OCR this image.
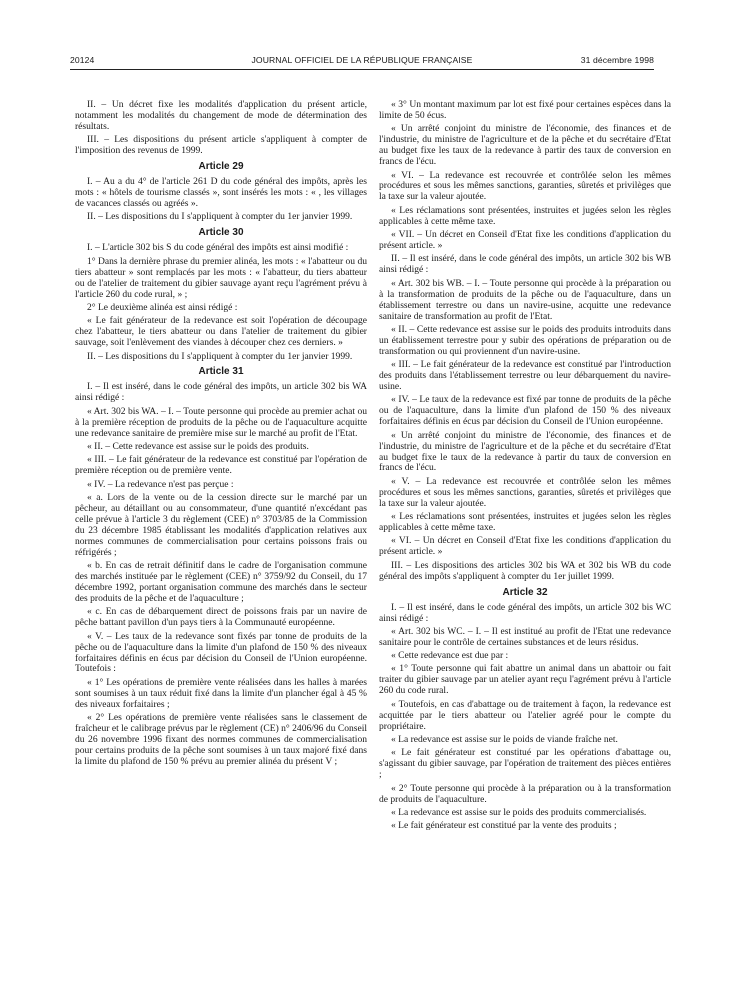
20124	JOURNAL OFFICIEL DE LA RÉPUBLIQUE FRANÇAISE	31 décembre 1998

II. – Un décret fixe les modalités d'application du présent article, notamment les modalités du changement de mode de détermination des résultats.

III. – Les dispositions du présent article s'appliquent à compter de l'imposition des revenus de 1999.

Article 29

I. – Au a du 4° de l'article 261 D du code général des impôts, après les mots : « hôtels de tourisme classés », sont insérés les mots : « , les villages de vacances classés ou agréés ».

II. – Les dispositions du I s'appliquent à compter du 1er janvier 1999.

Article 30

I. – L'article 302 bis S du code général des impôts est ainsi modifié :

1° Dans la dernière phrase du premier alinéa, les mots : « l'abatteur ou du tiers abatteur » sont remplacés par les mots : « l'abatteur, du tiers abatteur ou de l'atelier de traitement du gibier sauvage ayant reçu l'agrément prévu à l'article 260 du code rural, » ;

2° Le deuxième alinéa est ainsi rédigé :

« Le fait générateur de la redevance est soit l'opération de découpage chez l'abatteur, le tiers abatteur ou dans l'atelier de traitement du gibier sauvage, soit l'enlèvement des viandes à découper chez ces derniers. »

II. – Les dispositions du I s'appliquent à compter du 1er janvier 1999.

Article 31

I. – Il est inséré, dans le code général des impôts, un article 302 bis WA ainsi rédigé :

« Art. 302 bis WA. – I. – Toute personne qui procède au premier achat ou à la première réception de produits de la pêche ou de l'aquaculture acquitte une redevance sanitaire de première mise sur le marché au profit de l'Etat.

« II. – Cette redevance est assise sur le poids des produits.

« III. – Le fait générateur de la redevance est constitué par l'opération de première réception ou de première vente.

« IV. – La redevance n'est pas perçue :

« a. Lors de la vente ou de la cession directe sur le marché par un pêcheur, au détaillant ou au consommateur, d'une quantité n'excédant pas celle prévue à l'article 3 du règlement (CEE) n° 3703/85 de la Commission du 23 décembre 1985 établissant les modalités d'application relatives aux normes communes de commercialisation pour certains poissons frais ou réfrigérés ;

« b. En cas de retrait définitif dans le cadre de l'organisation commune des marchés instituée par le règlement (CEE) n° 3759/92 du Conseil, du 17 décembre 1992, portant organisation commune des marchés dans le secteur des produits de la pêche et de l'aquaculture ;

« c. En cas de débarquement direct de poissons frais par un navire de pêche battant pavillon d'un pays tiers à la Communauté européenne.

« V. – Les taux de la redevance sont fixés par tonne de produits de la pêche ou de l'aquaculture dans la limite d'un plafond de 150 % des niveaux forfaitaires définis en écus par décision du Conseil de l'Union européenne. Toutefois :

« 1° Les opérations de première vente réalisées dans les halles à marées sont soumises à un taux réduit fixé dans la limite d'un plancher égal à 45 % des niveaux forfaitaires ;

« 2° Les opérations de première vente réalisées sans le classement de fraîcheur et le calibrage prévus par le règlement (CE) n° 2406/96 du Conseil du 26 novembre 1996 fixant des normes communes de commercialisation pour certains produits de la pêche sont soumises à un taux majoré fixé dans la limite du plafond de 150 % prévu au premier alinéa du présent V ;

« 3° Un montant maximum par lot est fixé pour certaines espèces dans la limite de 50 écus.

« Un arrêté conjoint du ministre de l'économie, des finances et de l'industrie, du ministre de l'agriculture et de la pêche et du secrétaire d'Etat au budget fixe les taux de la redevance à partir des taux de conversion en francs de l'écu.

« VI. – La redevance est recouvrée et contrôlée selon les mêmes procédures et sous les mêmes sanctions, garanties, sûretés et privilèges que la taxe sur la valeur ajoutée.

« Les réclamations sont présentées, instruites et jugées selon les règles applicables à cette même taxe.

« VII. – Un décret en Conseil d'Etat fixe les conditions d'application du présent article. »

II. – Il est inséré, dans le code général des impôts, un article 302 bis WB ainsi rédigé :

« Art. 302 bis WB. – I. – Toute personne qui procède à la préparation ou à la transformation de produits de la pêche ou de l'aquaculture, dans un établissement terrestre ou dans un navire-usine, acquitte une redevance sanitaire de transformation au profit de l'Etat.

« II. – Cette redevance est assise sur le poids des produits introduits dans un établissement terrestre pour y subir des opérations de préparation ou de transformation ou qui proviennent d'un navire-usine.

« III. – Le fait générateur de la redevance est constitué par l'introduction des produits dans l'établissement terrestre ou leur débarquement du navire-usine.

« IV. – Le taux de la redevance est fixé par tonne de produits de la pêche ou de l'aquaculture, dans la limite d'un plafond de 150 % des niveaux forfaitaires définis en écus par décision du Conseil de l'Union européenne.

« Un arrêté conjoint du ministre de l'économie, des finances et de l'industrie, du ministre de l'agriculture et de la pêche et du secrétaire d'Etat au budget fixe le taux de la redevance à partir du taux de conversion en francs de l'écu.

« V. – La redevance est recouvrée et contrôlée selon les mêmes procédures et sous les mêmes sanctions, garanties, sûretés et privilèges que la taxe sur la valeur ajoutée.

« Les réclamations sont présentées, instruites et jugées selon les règles applicables à cette même taxe.

« VI. – Un décret en Conseil d'Etat fixe les conditions d'application du présent article. »

III. – Les dispositions des articles 302 bis WA et 302 bis WB du code général des impôts s'appliquent à compter du 1er juillet 1999.

Article 32

I. – Il est inséré, dans le code général des impôts, un article 302 bis WC ainsi rédigé :

« Art. 302 bis WC. – I. – Il est institué au profit de l'Etat une redevance sanitaire pour le contrôle de certaines substances et de leurs résidus.

« Cette redevance est due par :

« 1° Toute personne qui fait abattre un animal dans un abattoir ou fait traiter du gibier sauvage par un atelier ayant reçu l'agrément prévu à l'article 260 du code rural.

« Toutefois, en cas d'abattage ou de traitement à façon, la redevance est acquittée par le tiers abatteur ou l'atelier agréé pour le compte du propriétaire.

« La redevance est assise sur le poids de viande fraîche net.

« Le fait générateur est constitué par les opérations d'abattage ou, s'agissant du gibier sauvage, par l'opération de traitement des pièces entières ;

« 2° Toute personne qui procède à la préparation ou à la transformation de produits de l'aquaculture.

« La redevance est assise sur le poids des produits commercialisés.

« Le fait générateur est constitué par la vente des produits ;
